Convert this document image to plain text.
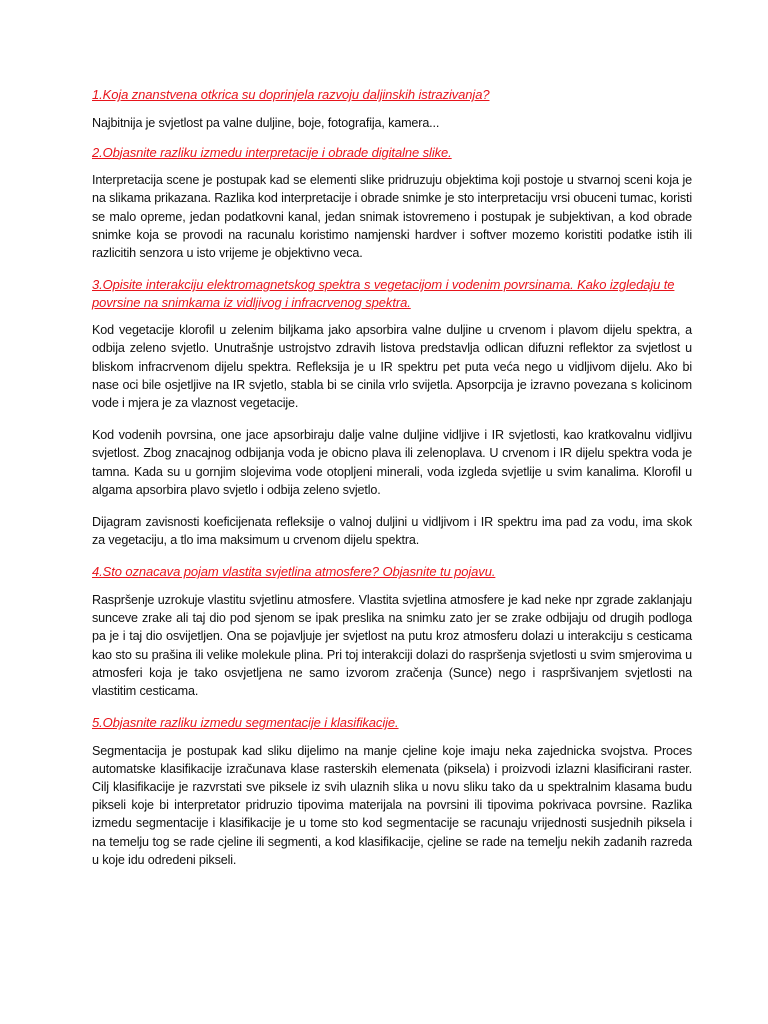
1.Koja znanstvena otkrica su doprinjela razvoju daljinskih istrazivanja?

Najbitnija je svjetlost pa valne duljine, boje, fotografija, kamera...

2.Objasnite razliku izmedu interpretacije i obrade digitalne slike.

Interpretacija scene je postupak kad se elementi slike pridruzuju objektima koji postoje u stvarnoj sceni koja je na slikama prikazana. Razlika kod interpretacije i obrade snimke je sto interpretaciju vrsi obuceni tumac, koristi se malo opreme, jedan podatkovni kanal, jedan snimak istovremeno i postupak je subjektivan, a kod obrade snimke koja se provodi na racunalu koristimo namjenski hardver i softver mozemo koristiti podatke istih ili razlicitih senzora u isto vrijeme je objektivno veca.

3.Opisite interakciju elektromagnetskog spektra s vegetacijom i vodenim povrsinama. Kako izgledaju te povrsine na snimkama iz vidljivog i infracrvenog spektra.

Kod vegetacije klorofil u zelenim biljkama jako apsorbira valne duljine u crvenom i plavom dijelu spektra, a odbija zeleno svjetlo. Unutrašnje ustrojstvo zdravih listova predstavlja odlican difuzni reflektor za svjetlost u bliskom infracrvenom dijelu spektra. Refleksija je u IR spektru pet puta veća nego u vidljivom dijelu. Ako bi nase oci bile osjetljive na IR svjetlo, stabla bi se cinila vrlo svijetla. Apsorpcija je izravno povezana s kolicinom vode i mjera je za vlaznost vegetacije.

Kod vodenih povrsina, one jace apsorbiraju dalje valne duljine vidljive i IR svjetlosti, kao kratkovalnu vidljivu svjetlost. Zbog znacajnog odbijanja voda je obicno plava ili zelenoplava. U crvenom i IR dijelu spektra voda je tamna. Kada su u gornjim slojevima vode otopljeni minerali, voda izgleda svjetlije u svim kanalima. Klorofil u algama apsorbira plavo svjetlo i odbija zeleno svjetlo.

Dijagram zavisnosti koeficijenata refleksije o valnoj duljini u vidljivom i IR spektru ima pad za vodu, ima skok za vegetaciju, a tlo ima maksimum u crvenom dijelu spektra.

4.Sto oznacava pojam vlastita svjetlina atmosfere? Objasnite tu pojavu.

Raspršenje uzrokuje vlastitu svjetlinu atmosfere. Vlastita svjetlina atmosfere je kad neke npr zgrade zaklanjaju sunceve zrake ali taj dio pod sjenom se ipak preslika na snimku zato jer se zrake odbijaju od drugih podloga pa je i taj dio osvijetljen. Ona se pojavljuje jer svjetlost na putu kroz atmosferu dolazi u interakciju s cesticama kao sto su prašina ili velike molekule plina. Pri toj interakciji dolazi do raspršenja svjetlosti u svim smjerovima u atmosferi koja je tako osvjetljena ne samo izvorom zračenja (Sunce) nego i raspršivanjem svjetlosti na vlastitim cesticama.

5.Objasnite razliku izmedu segmentacije i klasifikacije.

Segmentacija je postupak kad sliku dijelimo na manje cjeline koje imaju neka zajednicka svojstva. Proces automatske klasifikacije izračunava klase rasterskih elemenata (piksela) i proizvodi izlazni klasificirani raster. Cilj klasifikacije je razvrstati sve piksele iz svih ulaznih slika u novu sliku tako da u spektralnim klasama budu pikseli koje bi interpretator pridruzio tipovima materijala na povrsini ili tipovima pokrivaca povrsine. Razlika izmedu segmentacije i klasifikacije je u tome sto kod segmentacije se racunaju vrijednosti susjednih piksela i na temelju tog se rade cjeline ili segmenti, a kod klasifikacije, cjeline se rade na temelju nekih zadanih razreda u koje idu odredeni pikseli.
